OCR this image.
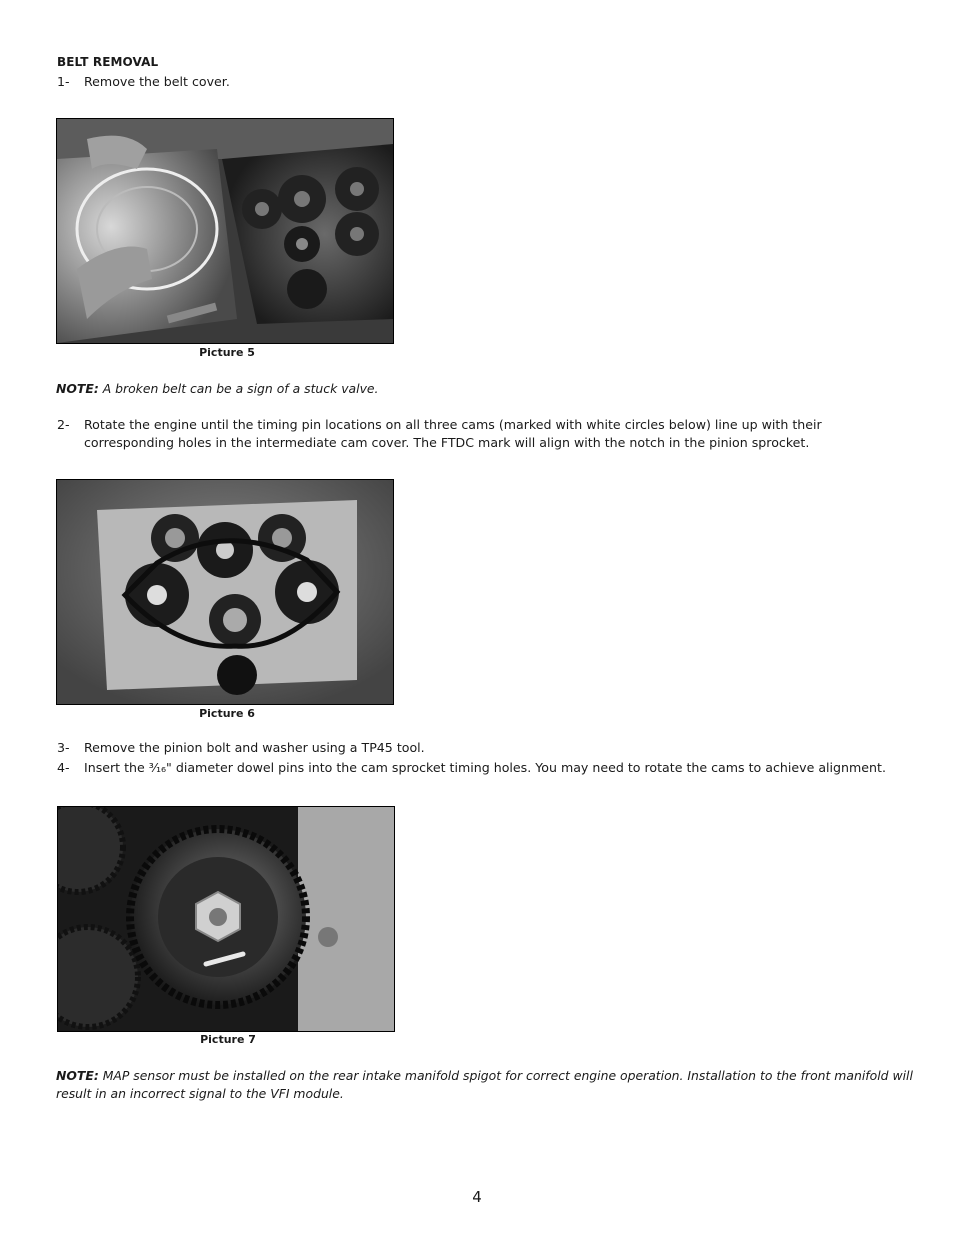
BELT REMOVAL
1- Remove the belt cover.
Picture 5
NOTE: A broken belt can be a sign of a stuck valve.
2- Rotate the engine until the timing pin locations on all three cams (marked with white circles below) line up with their corresponding holes in the intermediate cam cover. The FTDC mark will align with the notch in the pinion sprocket.
Picture 6
3- Remove the pinion bolt and washer using a TP45 tool.
4- Insert the ³⁄₁₆" diameter dowel pins into the cam sprocket timing holes. You may need to rotate the cams to achieve alignment.
Picture 7
NOTE: MAP sensor must be installed on the rear intake manifold spigot for correct engine operation. Installation to the front manifold will result in an incorrect signal to the VFI module.
4
